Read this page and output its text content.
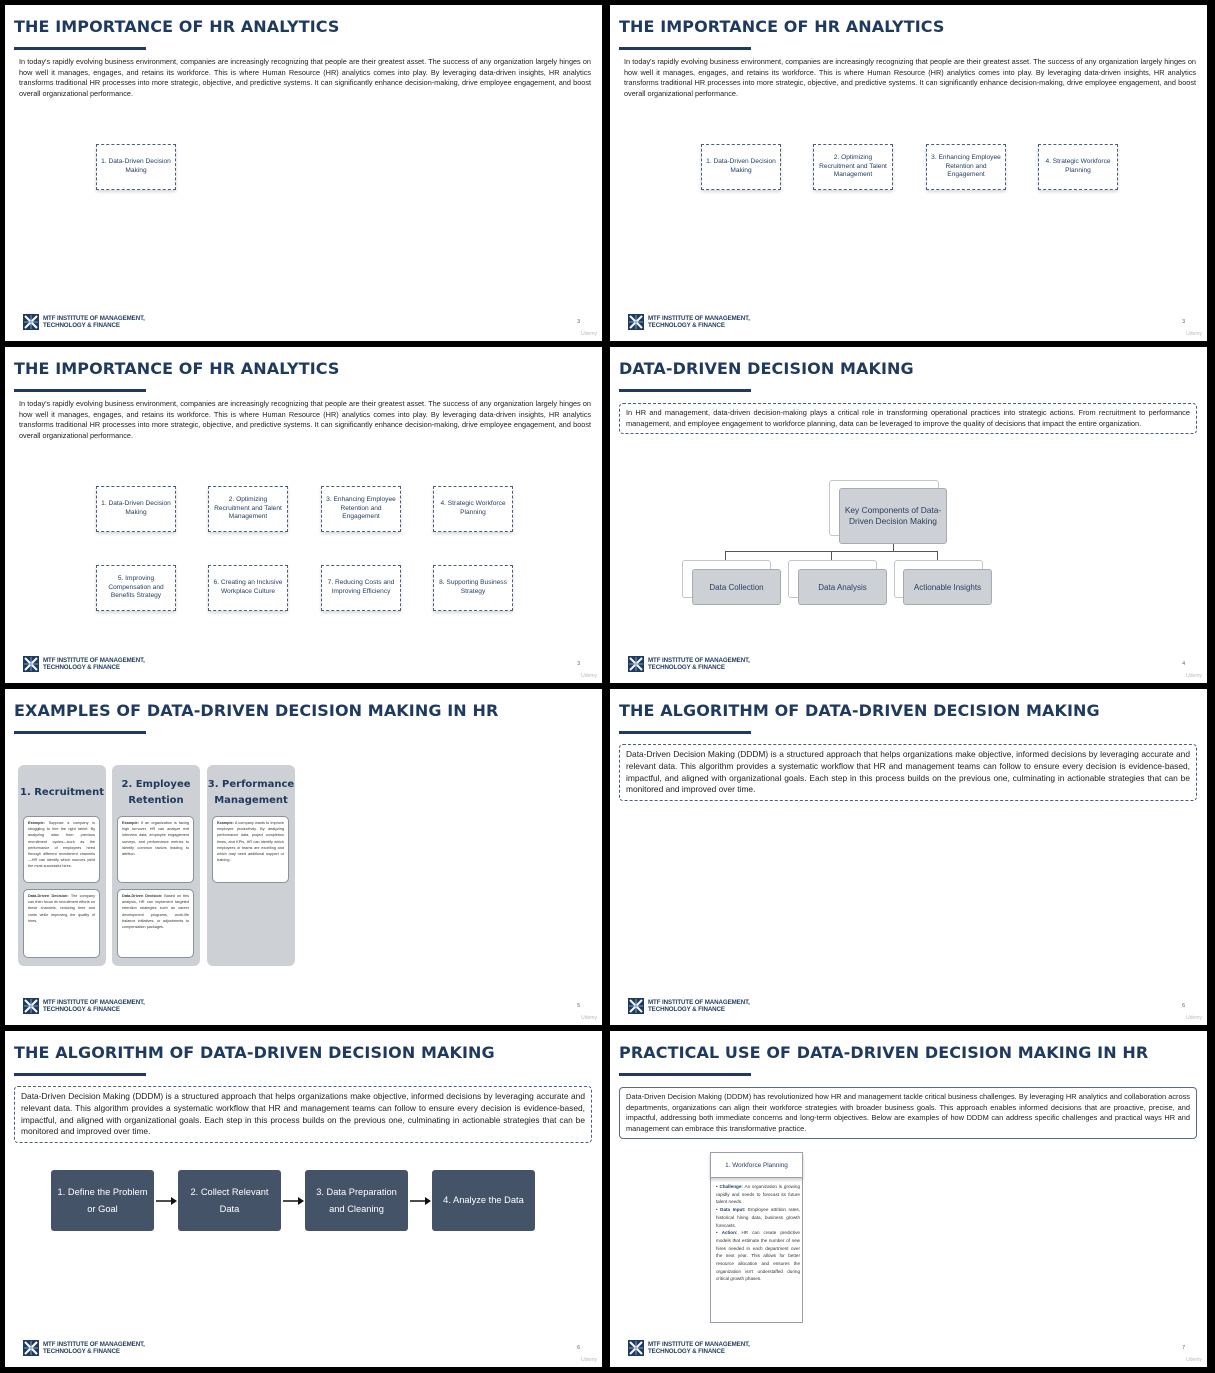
THE IMPORTANCE OF HR ANALYTICS
In today's rapidly evolving business environment, companies are increasingly recognizing that people are their greatest asset. The success of any organization largely hinges on how well it manages, engages, and retains its workforce. This is where Human Resource (HR) analytics comes into play. By leveraging data-driven insights, HR analytics transforms traditional HR processes into more strategic, objective, and predictive systems. It can significantly enhance decision-making, drive employee engagement, and boost overall organizational performance.
1. Data-Driven Decision Making
MTF INSTITUTE OF MANAGEMENT,
TECHNOLOGY & FINANCE	3
Udemy
THE IMPORTANCE OF HR ANALYTICS
In today's rapidly evolving business environment, companies are increasingly recognizing that people are their greatest asset. The success of any organization largely hinges on how well it manages, engages, and retains its workforce. This is where Human Resource (HR) analytics comes into play. By leveraging data-driven insights, HR analytics transforms traditional HR processes into more strategic, objective, and predictive systems. It can significantly enhance decision-making, drive employee engagement, and boost overall organizational performance.
1. Data-Driven Decision Making
2. Optimizing Recruitment and Talent Management
3. Enhancing Employee Retention and Engagement
4. Strategic Workforce Planning
MTF INSTITUTE OF MANAGEMENT,
TECHNOLOGY & FINANCE	3
Udemy
THE IMPORTANCE OF HR ANALYTICS
In today's rapidly evolving business environment, companies are increasingly recognizing that people are their greatest asset. The success of any organization largely hinges on how well it manages, engages, and retains its workforce. This is where Human Resource (HR) analytics comes into play. By leveraging data-driven insights, HR analytics transforms traditional HR processes into more strategic, objective, and predictive systems. It can significantly enhance decision-making, drive employee engagement, and boost overall organizational performance.
1. Data-Driven Decision Making
2. Optimizing Recruitment and Talent Management
3. Enhancing Employee Retention and Engagement
4. Strategic Workforce Planning
5. Improving Compensation and Benefits Strategy
6. Creating an Inclusive Workplace Culture
7. Reducing Costs and Improving Efficiency
8. Supporting Business Strategy
MTF INSTITUTE OF MANAGEMENT,
TECHNOLOGY & FINANCE	3
Udemy
DATA-DRIVEN DECISION MAKING
In HR and management, data-driven decision-making plays a critical role in transforming operational practices into strategic actions. From recruitment to performance management, and employee engagement to workforce planning, data can be leveraged to improve the quality of decisions that impact the entire organization.
Key Components of Data-Driven Decision Making
Data Collection	Data Analysis	Actionable Insights
MTF INSTITUTE OF MANAGEMENT,
TECHNOLOGY & FINANCE	4
Udemy
EXAMPLES OF DATA-DRIVEN DECISION MAKING IN HR
1. Recruitment
Example: Suppose a company is struggling to hire the right talent. By analyzing data from previous recruitment cycles—such as the performance of employees hired through different recruitment channels—HR can identify which sources yield the most successful hires.
Data-Driven Decision: The company can then focus its recruitment efforts on these channels, reducing time and costs while improving the quality of hires.
2. Employee Retention
Example: If an organization is facing high turnover, HR can analyze exit interview data, employee engagement surveys, and performance metrics to identify common factors leading to attrition.
Data-Driven Decision: Based on this analysis, HR can implement targeted retention strategies such as career development programs, work-life balance initiatives, or adjustments to compensation packages.
3. Performance Management
Example: A company wants to improve employee productivity. By analyzing performance data, project completion times, and KPIs, HR can identify which employees or teams are excelling and which may need additional support or training.
MTF INSTITUTE OF MANAGEMENT,
TECHNOLOGY & FINANCE	5
Udemy
THE ALGORITHM OF DATA-DRIVEN DECISION MAKING
Data-Driven Decision Making (DDDM) is a structured approach that helps organizations make objective, informed decisions by leveraging accurate and relevant data. This algorithm provides a systematic workflow that HR and management teams can follow to ensure every decision is evidence-based, impactful, and aligned with organizational goals. Each step in this process builds on the previous one, culminating in actionable strategies that can be monitored and improved over time.
MTF INSTITUTE OF MANAGEMENT,
TECHNOLOGY & FINANCE	6
Udemy
THE ALGORITHM OF DATA-DRIVEN DECISION MAKING
Data-Driven Decision Making (DDDM) is a structured approach that helps organizations make objective, informed decisions by leveraging accurate and relevant data. This algorithm provides a systematic workflow that HR and management teams can follow to ensure every decision is evidence-based, impactful, and aligned with organizational goals. Each step in this process builds on the previous one, culminating in actionable strategies that can be monitored and improved over time.
1. Define the Problem or Goal
2. Collect Relevant Data
3. Data Preparation and Cleaning
4. Analyze the Data
MTF INSTITUTE OF MANAGEMENT,
TECHNOLOGY & FINANCE	6
Udemy
PRACTICAL USE OF DATA-DRIVEN DECISION MAKING IN HR
Data-Driven Decision Making (DDDM) has revolutionized how HR and management tackle critical business challenges. By leveraging HR analytics and collaboration across departments, organizations can align their workforce strategies with broader business goals. This approach enables informed decisions that are proactive, precise, and impactful, addressing both immediate concerns and long-term objectives. Below are examples of how DDDM can address specific challenges and practical ways HR and management can embrace this transformative practice.
1. Workforce Planning
• Challenge: An organization is growing rapidly and needs to forecast its future talent needs.
• Data Input: Employee attrition rates, historical hiring data, business growth forecasts.
• Action: HR can create predictive models that estimate the number of new hires needed in each department over the next year. This allows for better resource allocation and ensures the organization isn't understaffed during critical growth phases.
MTF INSTITUTE OF MANAGEMENT,
TECHNOLOGY & FINANCE	7
Udemy
